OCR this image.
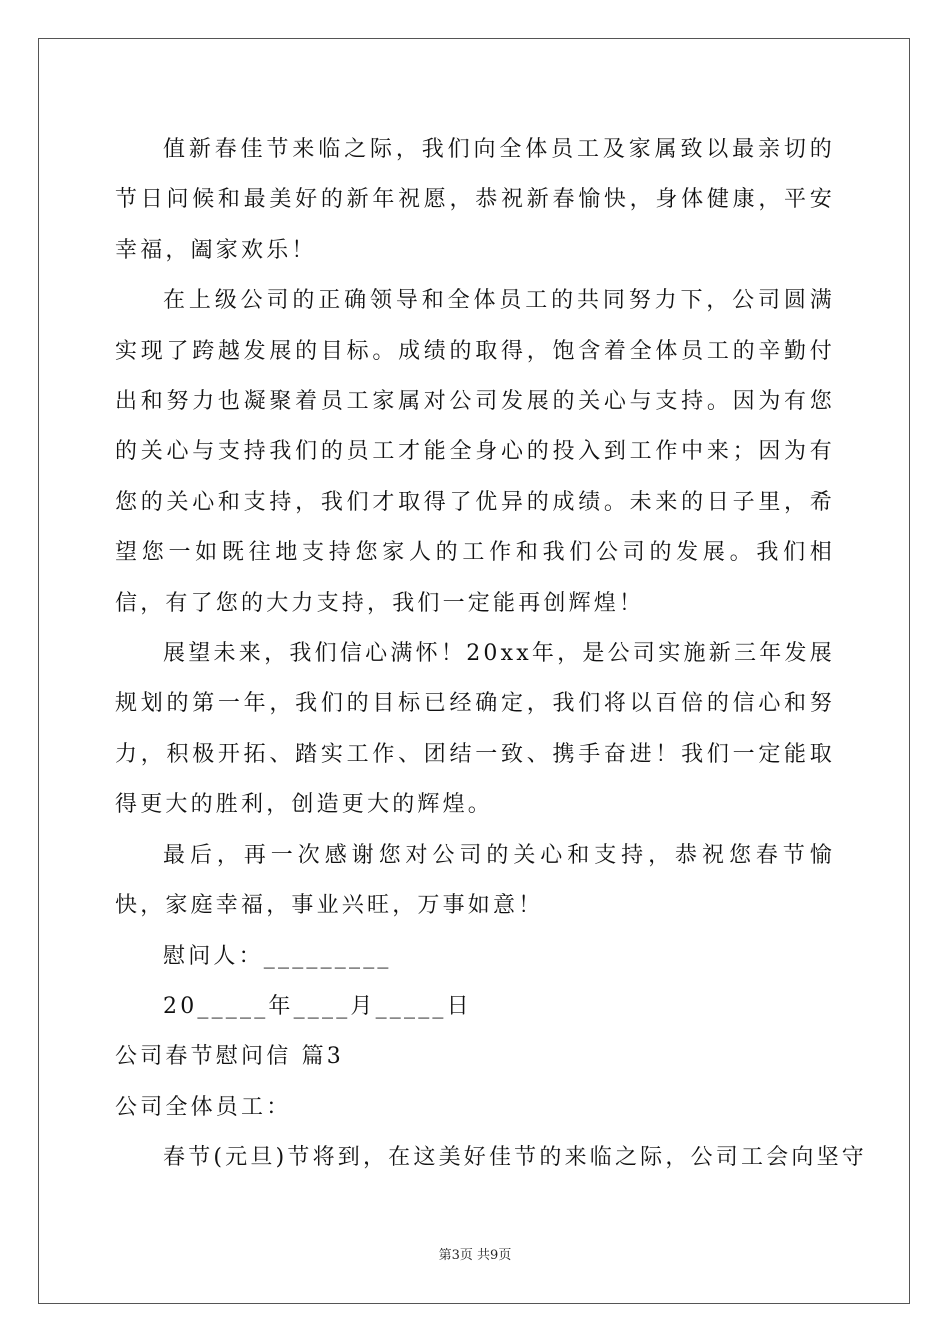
值新春佳节来临之际，我们向全体员工及家属致以最亲切的节日问候和最美好的新年祝愿，恭祝新春愉快，身体健康，平安幸福，阖家欢乐！

在上级公司的正确领导和全体员工的共同努力下，公司圆满实现了跨越发展的目标。成绩的取得，饱含着全体员工的辛勤付出和努力也凝聚着员工家属对公司发展的关心与支持。因为有您的关心与支持我们的员工才能全身心的投入到工作中来；因为有您的关心和支持，我们才取得了优异的成绩。未来的日子里，希望您一如既往地支持您家人的工作和我们公司的发展。我们相信，有了您的大力支持，我们一定能再创辉煌！

展望未来，我们信心满怀！20xx年，是公司实施新三年发展规划的第一年，我们的目标已经确定，我们将以百倍的信心和努力，积极开拓、踏实工作、团结一致、携手奋进！我们一定能取得更大的胜利，创造更大的辉煌。

最后，再一次感谢您对公司的关心和支持，恭祝您春节愉快，家庭幸福，事业兴旺，万事如意！

慰问人：_________

20_____年____月_____日

公司春节慰问信 篇3

公司全体员工：

春节(元旦)节将到，在这美好佳节的来临之际，公司工会向坚守

第3页 共9页
